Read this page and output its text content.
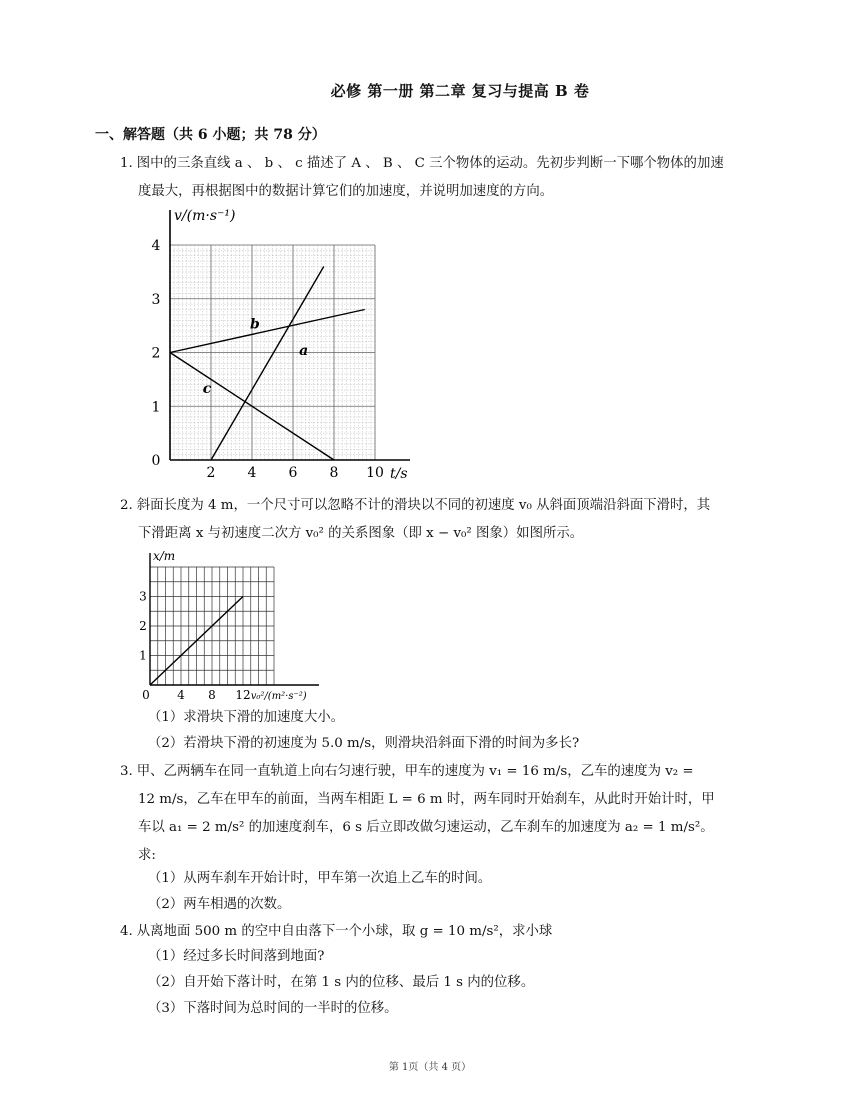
必修 第一册 第二章 复习与提高 B 卷
一、解答题（共 6 小题；共 78 分）
1. 图中的三条直线 a 、 b 、 c 描述了 A 、 B 、 C 三个物体的运动。先初步判断一下哪个物体的加速
度最大，再根据图中的数据计算它们的加速度，并说明加速度的方向。
2 4 6 8 10
0
1
2
3
4
t/s
v/(m·s⁻¹)
a
b
c
2. 斜面长度为 4 m，一个尺寸可以忽略不计的滑块以不同的初速度 v₀ 从斜面顶端沿斜面下滑时，其
下滑距离 x 与初速度二次方 v₀² 的关系图象（即 x − v₀² 图象）如图所示。
0 4 8 12
1
2
3
v₀²/(m²·s⁻²)
x/m
（1）求滑块下滑的加速度大小。
（2）若滑块下滑的初速度为 5.0 m/s，则滑块沿斜面下滑的时间为多长?
3. 甲、乙两辆车在同一直轨道上向右匀速行驶，甲车的速度为 v₁ = 16 m/s，乙车的速度为 v₂ =
12 m/s，乙车在甲车的前面，当两车相距 L = 6 m 时，两车同时开始刹车，从此时开始计时，甲
车以 a₁ = 2 m/s² 的加速度刹车，6 s 后立即改做匀速运动，乙车刹车的加速度为 a₂ = 1 m/s²。
求:
（1）从两车刹车开始计时，甲车第一次追上乙车的时间。
（2）两车相遇的次数。
4. 从离地面 500 m 的空中自由落下一个小球，取 g = 10 m/s²，求小球
（1）经过多长时间落到地面?
（2）自开始下落计时，在第 1 s 内的位移、最后 1 s 内的位移。
（3）下落时间为总时间的一半时的位移。
第 1页（共 4 页）
